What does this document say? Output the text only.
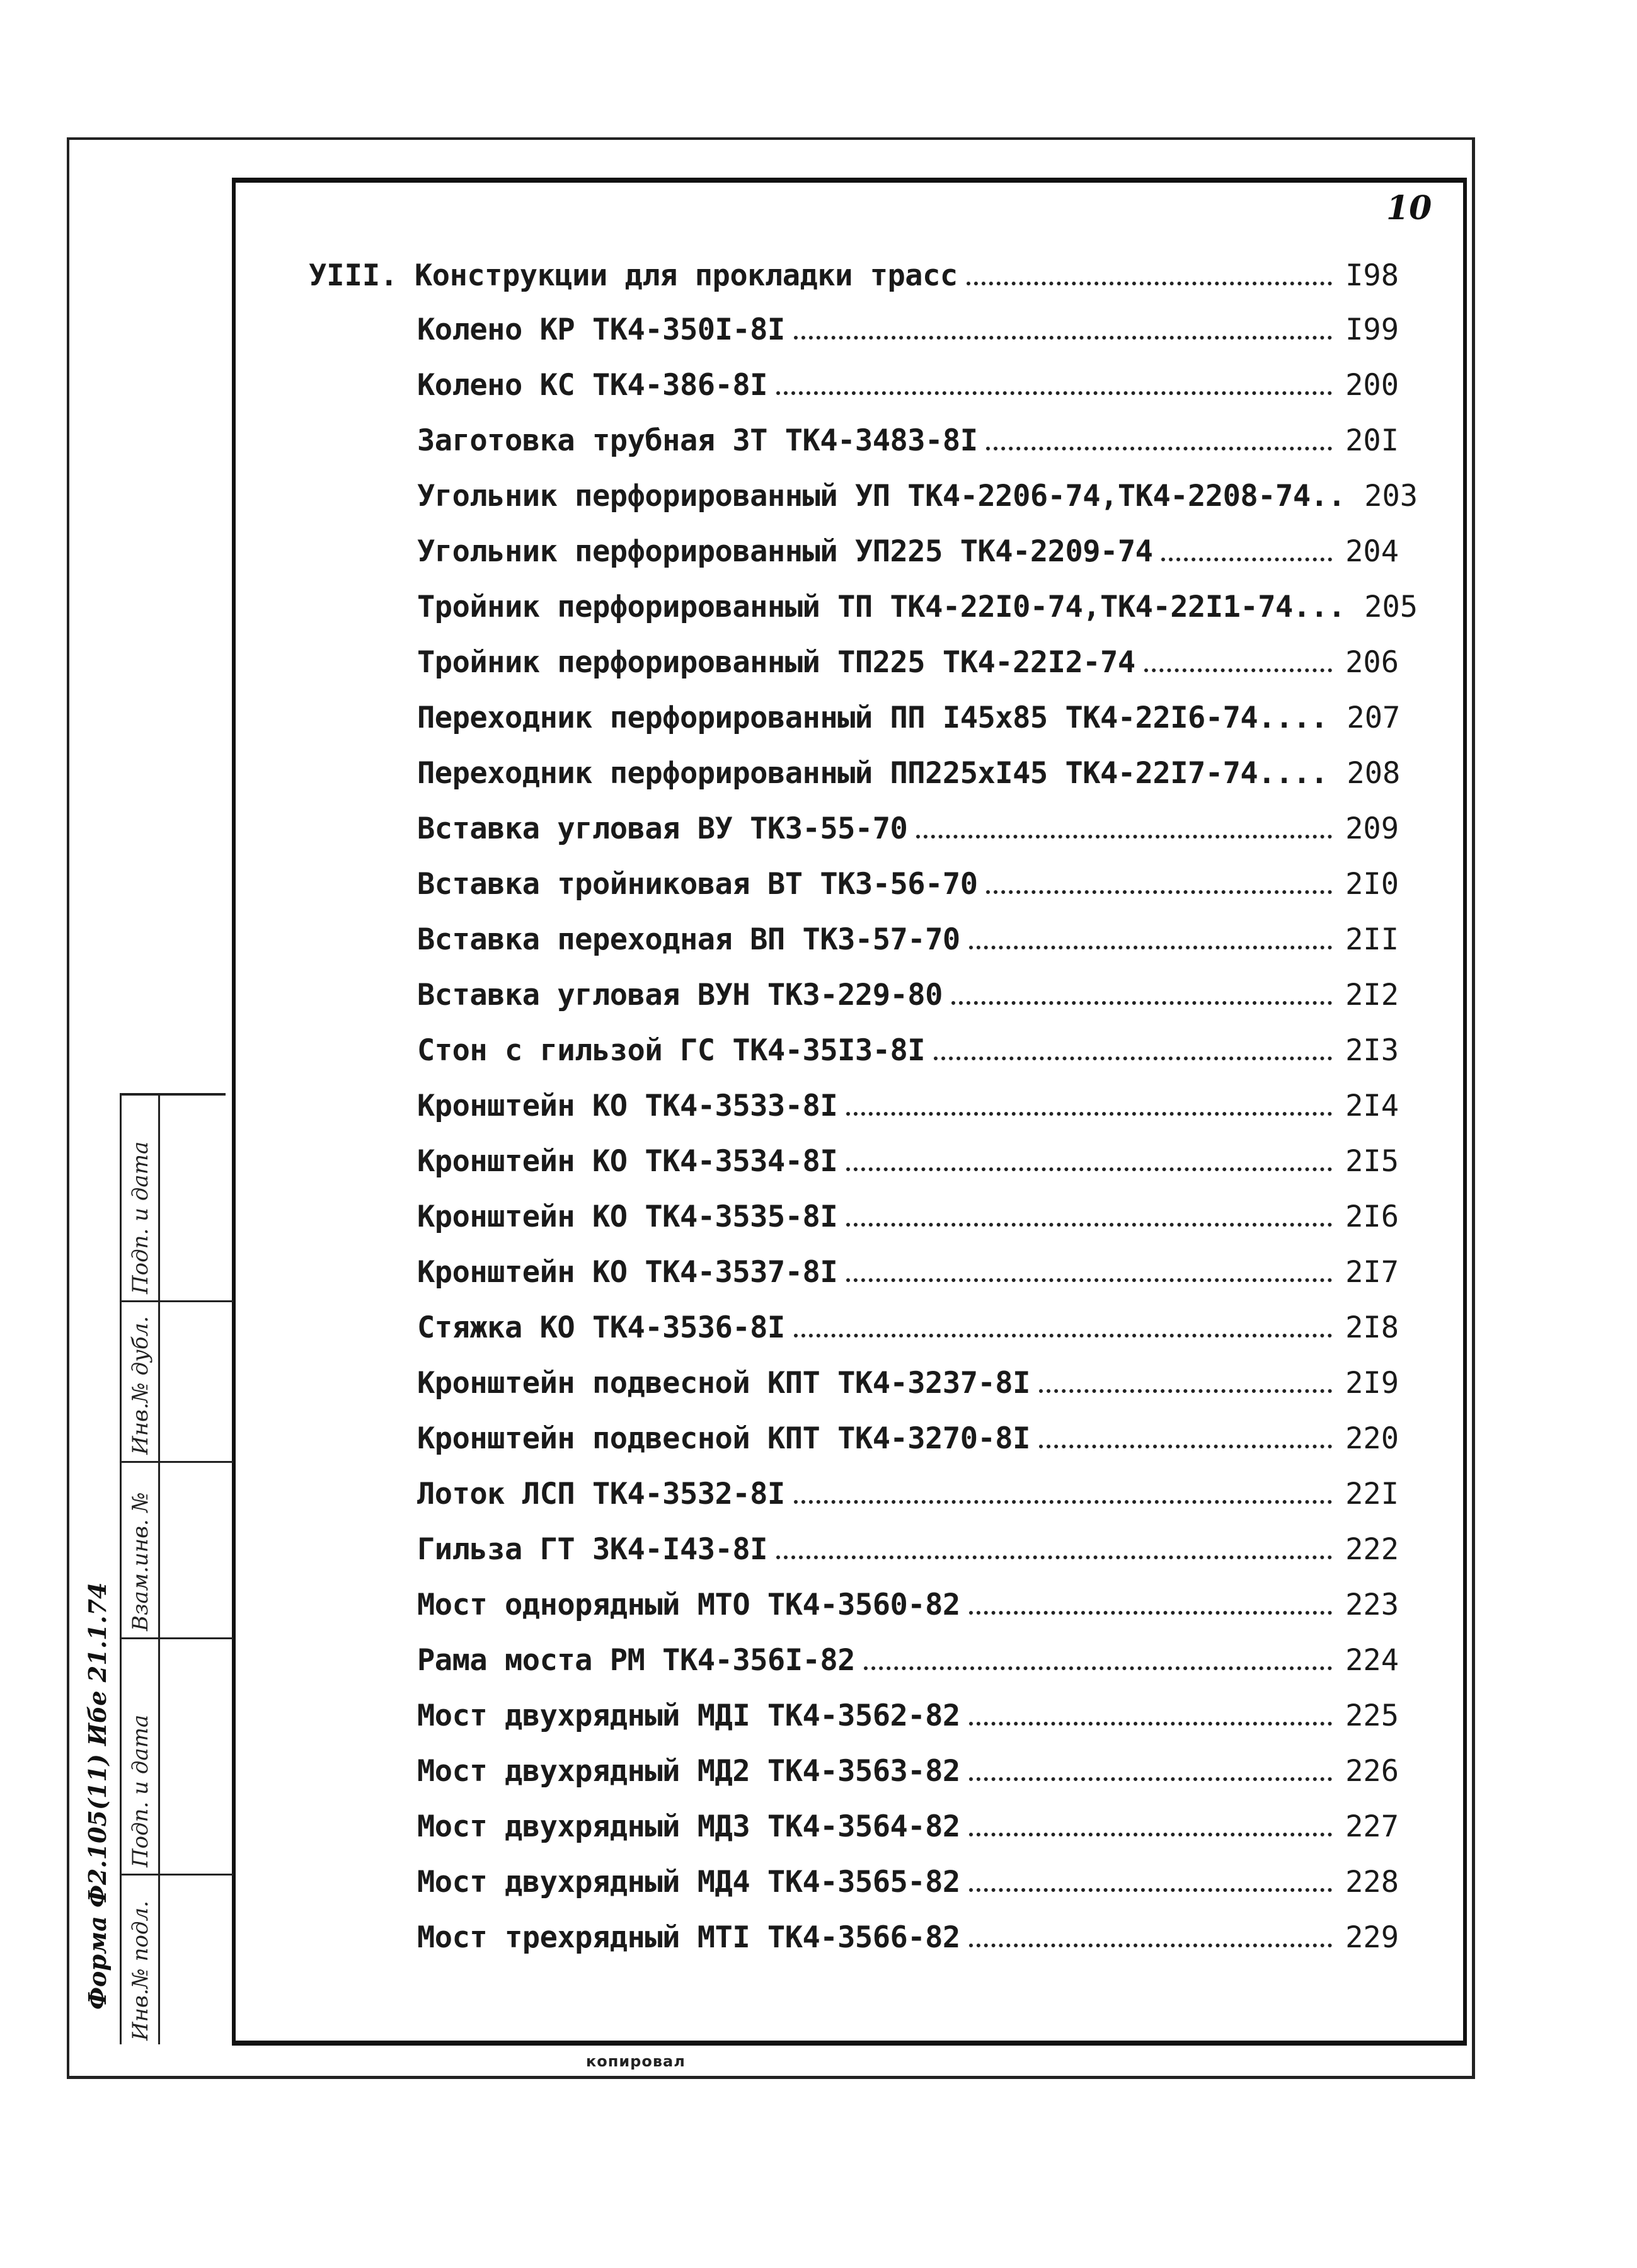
10
Инв.№ подл.
Подп. и дата
Взам.инв. №
Инв.№ дубл.
Подп. и дата
Форма Ф2.105(11) Ибе 21.1.74
УIII. Конструкции для прокладки трасс	I98
Колено КР ТК4-350I-8I	I99
Колено КС ТК4-386-8I	200
Заготовка трубная ЗТ ТК4-3483-8I	20I
Угольник перфорированный УП ТК4-2206-74,ТК4-2208-74.. 203
Угольник перфорированный УП225 ТК4-2209-74	204
Тройник перфорированный ТП ТК4-22I0-74,ТК4-22I1-74... 205
Тройник перфорированный ТП225 ТК4-22I2-74	206
Переходник перфорированный ПП I45x85 ТК4-22I6-74.... 207
Переходник перфорированный ПП225xI45 ТК4-22I7-74.... 208
Вставка угловая ВУ ТК3-55-70	209
Вставка тройниковая ВТ ТК3-56-70	2I0
Вставка переходная ВП ТК3-57-70	2II
Вставка угловая ВУН ТК3-229-80	2I2
Стон с гильзой ГС ТК4-35I3-8I	2I3
Кронштейн КО ТК4-3533-8I	2I4
Кронштейн КО ТК4-3534-8I	2I5
Кронштейн КО ТК4-3535-8I	2I6
Кронштейн КО ТК4-3537-8I	2I7
Стяжка КО ТК4-3536-8I	2I8
Кронштейн подвесной КПТ ТК4-3237-8I	2I9
Кронштейн подвесной КПТ ТК4-3270-8I	220
Лоток ЛСП ТК4-3532-8I	22I
Гильза ГТ ЗК4-I43-8I	222
Мост однорядный МТО ТК4-3560-82	223
Рама моста РМ ТК4-356I-82	224
Мост двухрядный МДI ТК4-3562-82	225
Мост двухрядный МД2 ТК4-3563-82	226
Мост двухрядный МД3 ТК4-3564-82	227
Мост двухрядный МД4 ТК4-3565-82	228
Мост трехрядный МТI ТК4-3566-82	229
копировал
